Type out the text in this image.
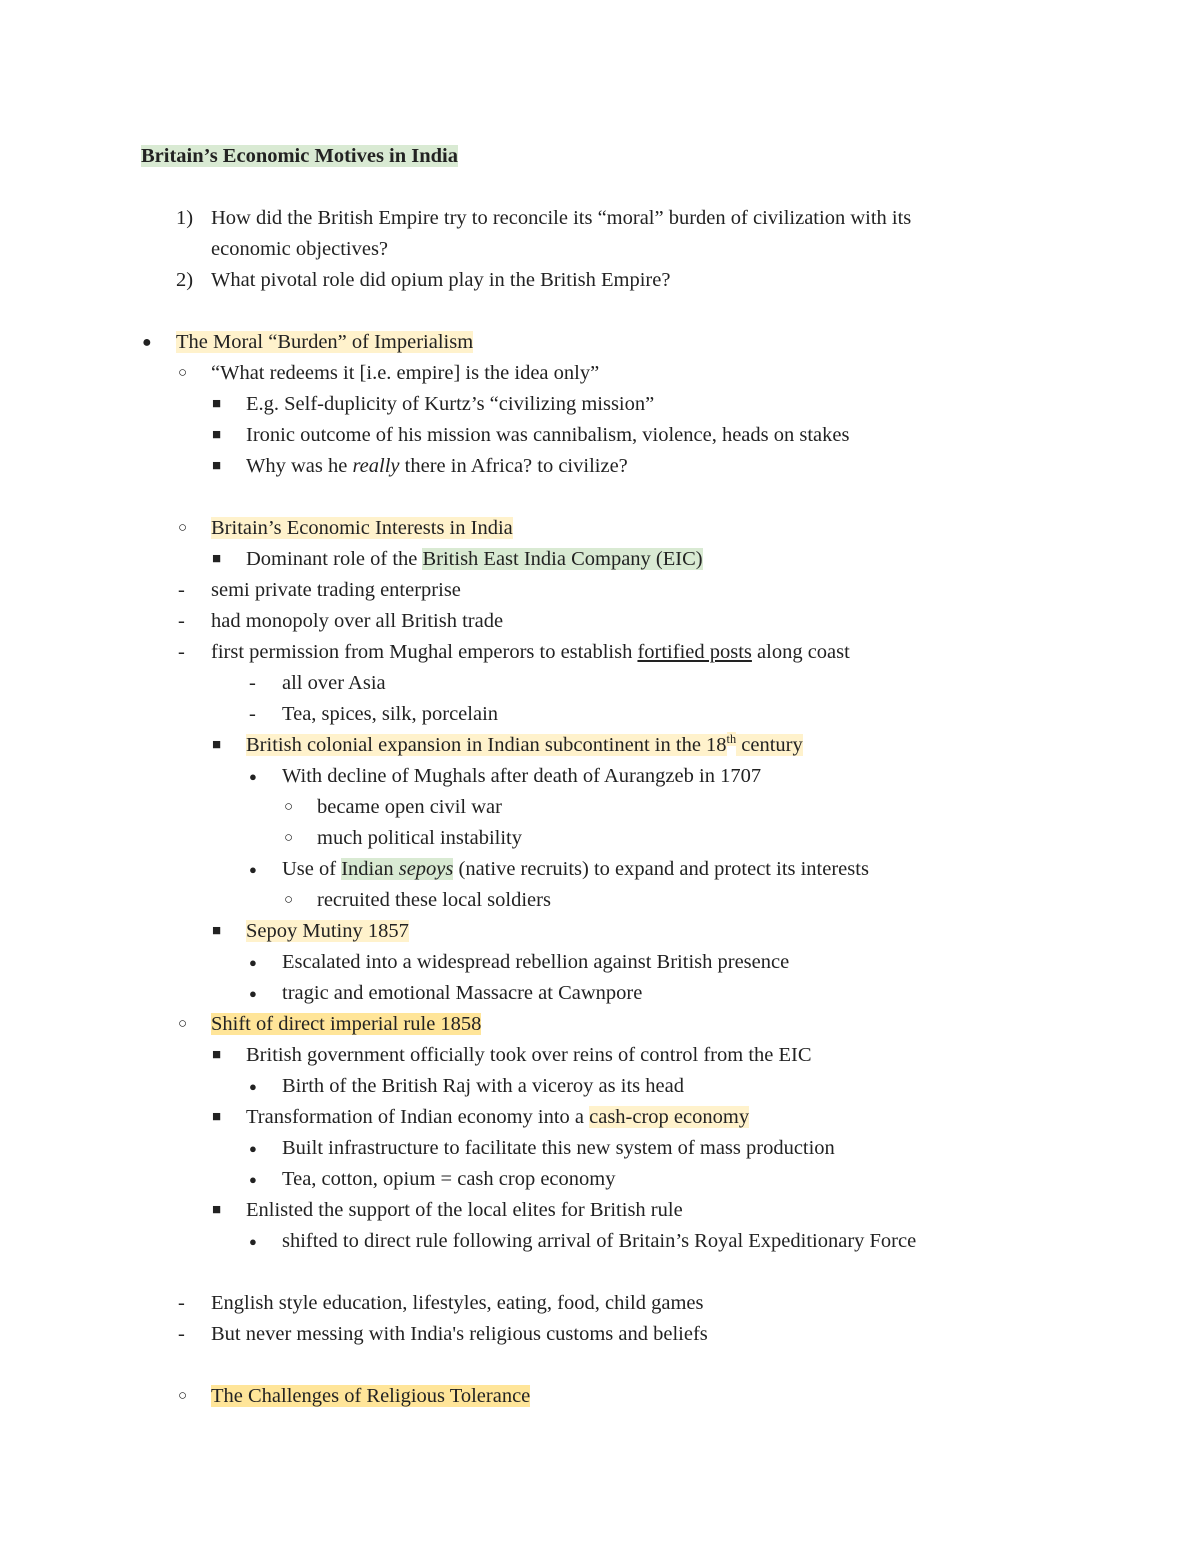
Britain’s Economic Motives in India
1) How did the British Empire try to reconcile its “moral” burden of civilization with its
economic objectives?
2) What pivotal role did opium play in the British Empire?
● The Moral “Burden” of Imperialism
○ “What redeems it [i.e. empire] is the idea only”
■ E.g. Self-duplicity of Kurtz’s “civilizing mission”
■ Ironic outcome of his mission was cannibalism, violence, heads on stakes
■ Why was he really there in Africa? to civilize?
○ Britain’s Economic Interests in India
■ Dominant role of the British East India Company (EIC)
- semi private trading enterprise
- had monopoly over all British trade
- first permission from Mughal emperors to establish fortified posts along coast
- all over Asia
- Tea, spices, silk, porcelain
■ British colonial expansion in Indian subcontinent in the 18th century
● With decline of Mughals after death of Aurangzeb in 1707
○ became open civil war
○ much political instability
● Use of Indian sepoys (native recruits) to expand and protect its interests
○ recruited these local soldiers
■ Sepoy Mutiny 1857
● Escalated into a widespread rebellion against British presence
● tragic and emotional Massacre at Cawnpore
○ Shift of direct imperial rule 1858
■ British government officially took over reins of control from the EIC
● Birth of the British Raj with a viceroy as its head
■ Transformation of Indian economy into a cash-crop economy
● Built infrastructure to facilitate this new system of mass production
● Tea, cotton, opium = cash crop economy
■ Enlisted the support of the local elites for British rule
● shifted to direct rule following arrival of Britain’s Royal Expeditionary Force
- English style education, lifestyles, eating, food, child games
- But never messing with India's religious customs and beliefs
○ The Challenges of Religious Tolerance
